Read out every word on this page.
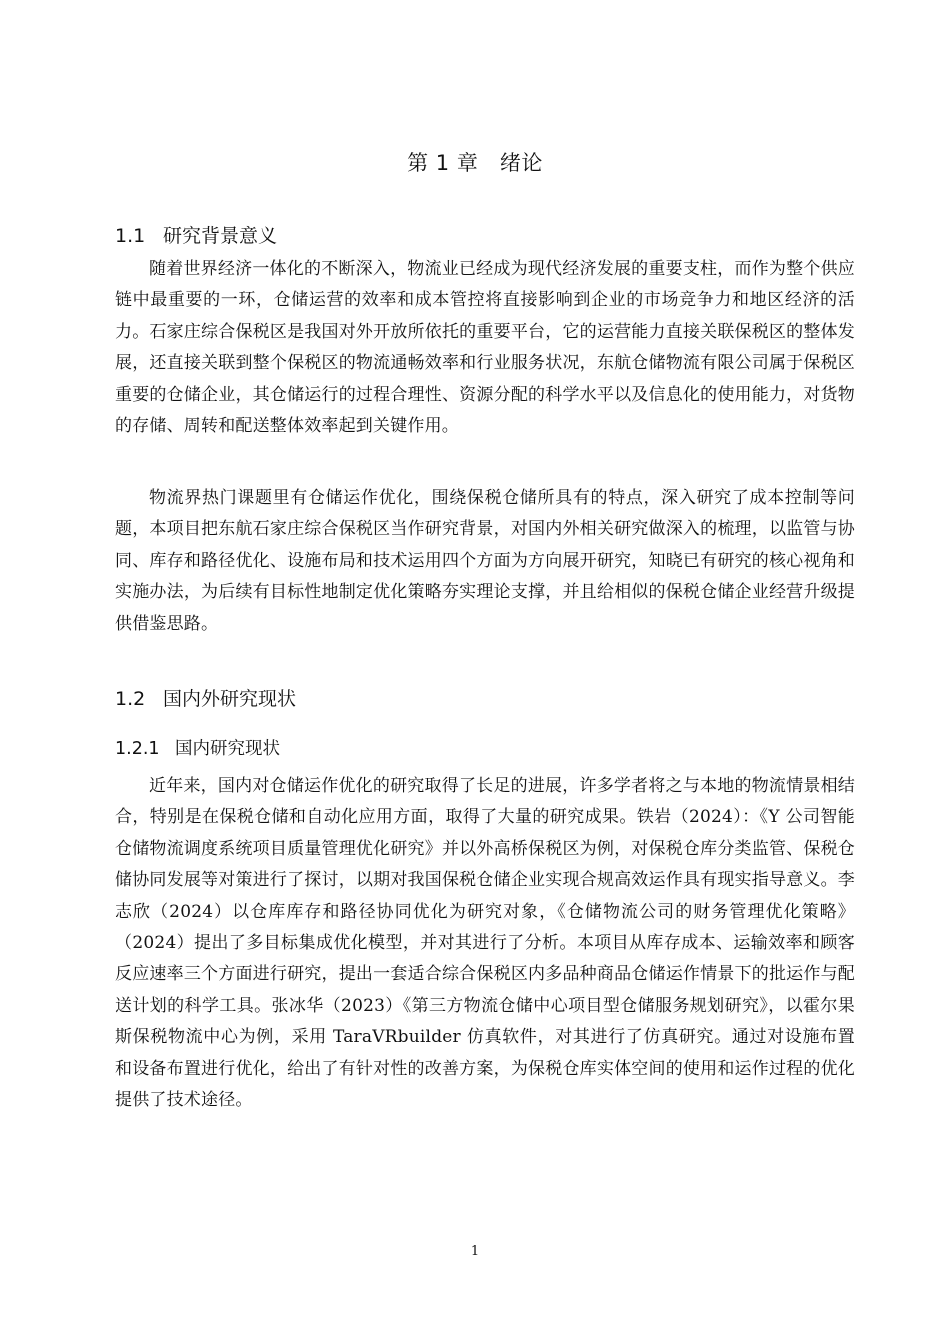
第 1 章 绪论
1.1 研究背景意义

随着世界经济一体化的不断深入，物流业已经成为现代经济发展的重要支柱，而作为整个供应链中最重要的一环，仓储运营的效率和成本管控将直接影响到企业的市场竞争力和地区经济的活力。石家庄综合保税区是我国对外开放所依托的重要平台，它的运营能力直接关联保税区的整体发展，还直接关联到整个保税区的物流通畅效率和行业服务状况，东航仓储物流有限公司属于保税区重要的仓储企业，其仓储运行的过程合理性、资源分配的科学水平以及信息化的使用能力，对货物的存储、周转和配送整体效率起到关键作用。

物流界热门课题里有仓储运作优化，围绕保税仓储所具有的特点，深入研究了成本控制等问题，本项目把东航石家庄综合保税区当作研究背景，对国内外相关研究做深入的梳理，以监管与协同、库存和路径优化、设施布局和技术运用四个方面为方向展开研究，知晓已有研究的核心视角和实施办法，为后续有目标性地制定优化策略夯实理论支撑，并且给相似的保税仓储企业经营升级提供借鉴思路。

1.2 国内外研究现状
1.2.1 国内研究现状

近年来，国内对仓储运作优化的研究取得了长足的进展，许多学者将之与本地的物流情景相结合，特别是在保税仓储和自动化应用方面，取得了大量的研究成果。铁岩（2024）：《Y 公司智能仓储物流调度系统项目质量管理优化研究》并以外高桥保税区为例，对保税仓库分类监管、保税仓储协同发展等对策进行了探讨，以期对我国保税仓储企业实现合规高效运作具有现实指导意义。李志欣（2024）以仓库库存和路径协同优化为研究对象，《仓储物流公司的财务管理优化策略》（2024）提出了多目标集成优化模型，并对其进行了分析。本项目从库存成本、运输效率和顾客反应速率三个方面进行研究，提出一套适合综合保税区内多品种商品仓储运作情景下的批运作与配送计划的科学工具。张冰华（2023）《第三方物流仓储中心项目型仓储服务规划研究》，以霍尔果斯保税物流中心为例，采用 TaraVRbuilder 仿真软件，对其进行了仿真研究。通过对设施布置和设备布置进行优化，给出了有针对性的改善方案，为保税仓库实体空间的使用和运作过程的优化提供了技术途径。

1
